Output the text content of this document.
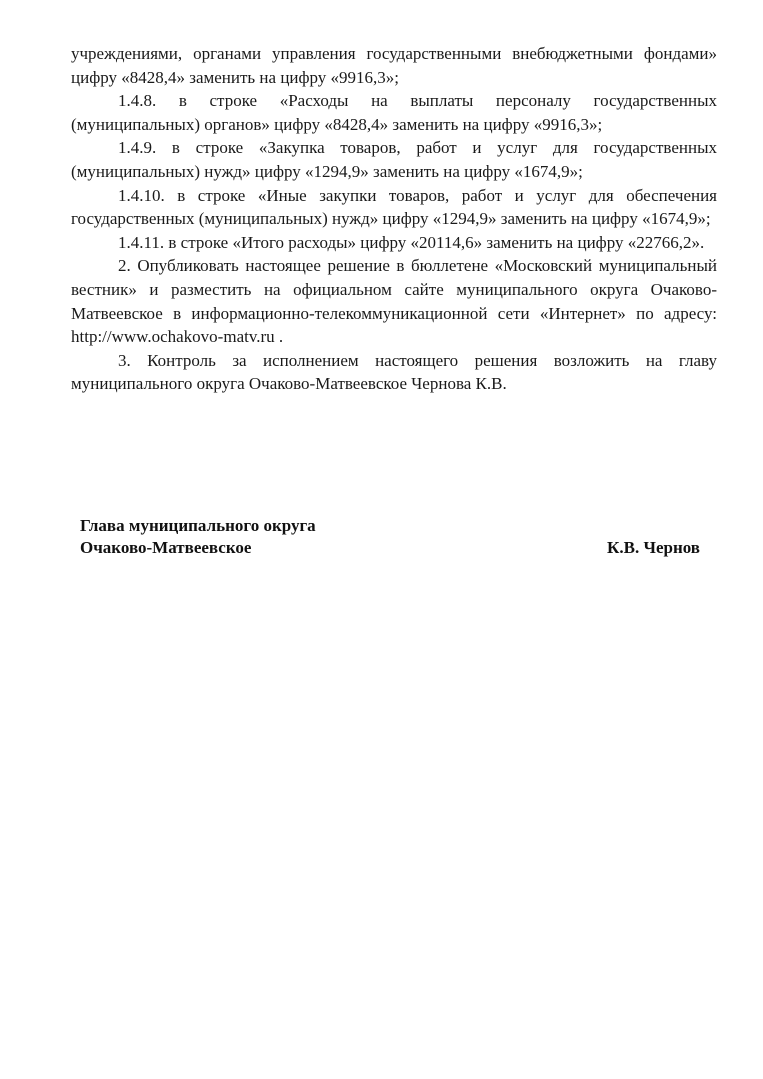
учреждениями, органами управления государственными внебюджетными фондами» цифру «8428,4» заменить на цифру «9916,3»;

1.4.8. в строке «Расходы на выплаты персоналу государственных (муниципальных) органов» цифру «8428,4» заменить на цифру «9916,3»;

1.4.9. в строке «Закупка товаров, работ и услуг для государственных (муниципальных) нужд» цифру «1294,9» заменить на цифру «1674,9»;

1.4.10. в строке «Иные закупки товаров, работ и услуг для обеспечения государственных (муниципальных) нужд» цифру «1294,9» заменить на цифру «1674,9»;

1.4.11. в строке «Итого расходы» цифру «20114,6» заменить на цифру «22766,2».

2. Опубликовать настоящее решение в бюллетене «Московский муниципальный вестник» и разместить на официальном сайте муниципального округа Очаково-Матвеевское в информационно-телекоммуникационной сети «Интернет» по адресу: http://www.ochakovo-matv.ru .

3. Контроль за исполнением настоящего решения возложить на главу муниципального округа Очаково-Матвеевское Чернова К.В.

Глава муниципального округа
Очаково-Матвеевское	К.В. Чернов
